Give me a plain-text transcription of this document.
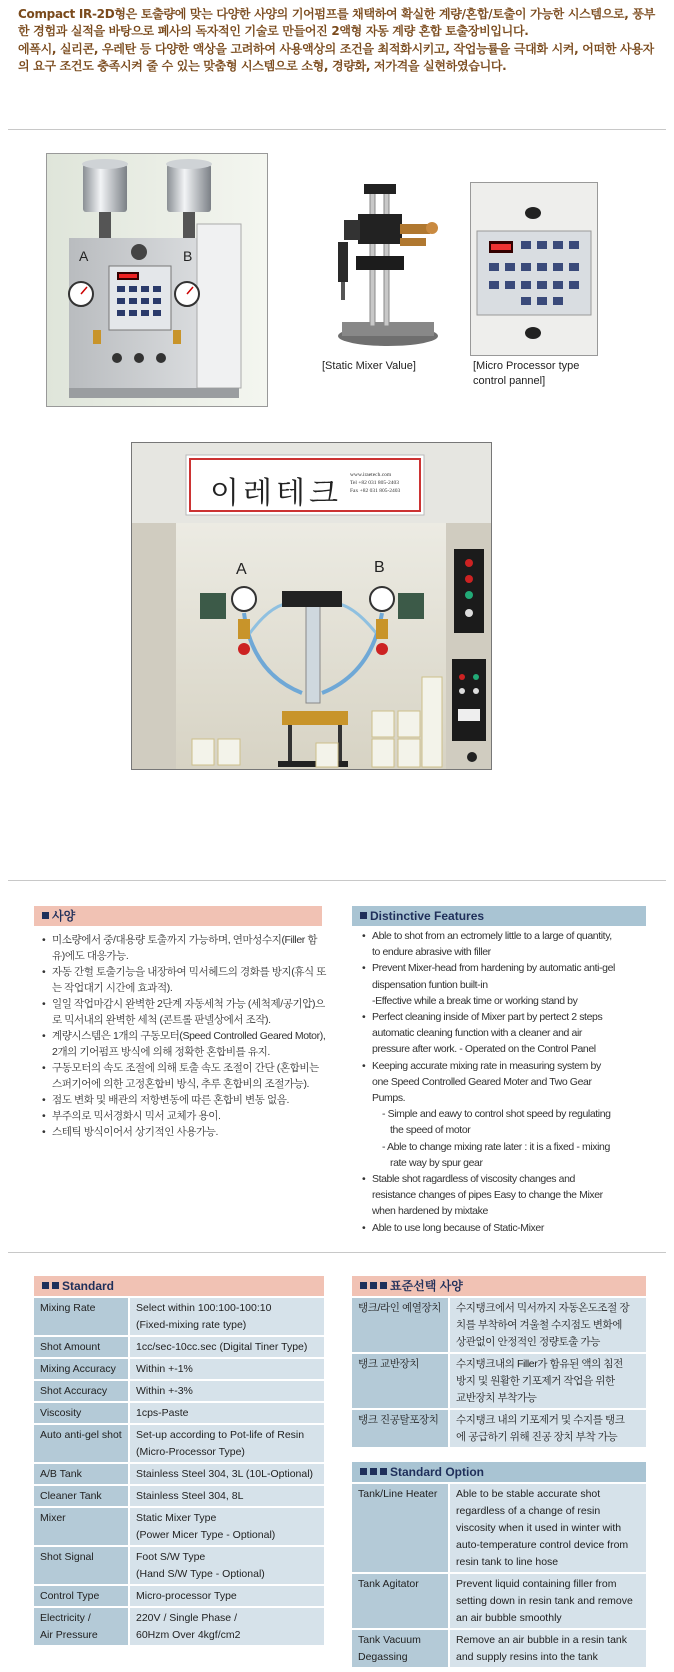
Compact IR-2D형은 토출량에 맞는 다양한 사양의 기어펌프를 채택하여 확실한 계량/혼합/토출이 가능한 시스템으로, 풍부한 경험과 실적을 바탕으로 폐사의 독자적인 기술로 만들어진 2액형 자동 계량 혼합 토출장비입니다.

에폭시, 실리콘, 우레탄 등 다양한 액상을 고려하여 사용액상의 조건을 최적화시키고, 작업능률을 극대화 시켜, 어떠한 사용자의 요구 조건도 충족시켜 줄 수 있는 맞춤형 시스템으로 소형, 경량화, 저가격을 실현하였습니다.

A	B
[Static Mixer Value]	[Micro Processor type
control pannel]
이레테크
www.iraetech.com
Tel +82 031 805-2403
Fax +82 031 805-2403
A	B
사양
• 미소량에서 중/대용량 토출까지 가능하며, 연마성수지(Filler 함유)에도 대응가능.
• 자동 간헐 토출기능을 내장하여 믹서헤드의 경화를 방지(휴식 또는 작업대기 시간에 효과적).
• 일일 작업마감시 완벽한 2단계 자동세척 가능 (세척제/공기압)으로 믹서내의 완벽한 세척 (콘트롤 판넬상에서 조작).
• 계량시스템은 1개의 구동모터(Speed Controlled Geared Motor), 2개의 기어펌프 방식에 의해 정확한 혼합비를 유지.
• 구동모터의 속도 조절에 의해 토출 속도 조절이 간단 (혼합비는 스퍼기어에 의한 고정혼합비 방식, 추루 혼합비의 조절가능).
• 점도 변화 및 배관의 저항변동에 따른 혼합비 변동 없음.
• 부주의로 믹서경화시 믹서 교체가 용이.
• 스테틱 방식이어서 상기적인 사용가능.
Distinctive Features
• Able to shot from an ectromely little to a large of quantity,
to endure abrasive with filler
• Prevent Mixer-head from hardening by automatic anti-gel
dispensation funtion built-in
-Effective while a break time or working stand by
• Perfect cleaning inside of Mixer part by pertect 2 steps
automatic cleaning function with a cleaner and air
pressure after work. - Operated on the Control Panel
• Keeping accurate mixing rate in measuring system by
one Speed Controlled Geared Moter and Two Gear
Pumps.
- Simple and eawy to control shot speed by regulating
the speed of motor
- Able to change mixing rate later : it is a fixed - mixing
rate way by spur gear
• Stable shot ragardless of viscosity changes and
resistance changes of pipes Easy to change the Mixer
when hardened by mixtake
• Able to use long because of Static-Mixer
Standard
Mixing Rate	Select within 100:100-100:10
(Fixed-mixing rate type)

Shot Amount	1cc/sec-10cc.sec (Digital Tiner Type)

Mixing Accuracy	Within +-1%

Shot Accuracy	Within +-3%

Viscosity	1cps-Paste

Auto anti-gel shot	Set-up according to Pot-life of Resin
(Micro-Processor Type)

A/B Tank	Stainless Steel 304, 3L (10L-Optional)

Cleaner Tank	Stainless Steel 304, 8L

Mixer	Static Mixer Type
(Power Micer Type - Optional)

Shot Signal	Foot S/W Type
(Hand S/W Type - Optional)

Control Type	Micro-processor Type

Electricity /
Air Pressure	220V / Single Phase /
60Hzm Over 4kgf/cm2
표준선택 사양
탱크/라인 예열장치	수지탱크에서 믹서까지 자동온도조절 장
치를 부착하여 겨울철 수지점도 변화에
상관없이 안정적인 정량토출 가능

탱크 교반장치	수지탱크내의 Filler가 함유된 액의 침전
방지 및 원활한 기포제거 작업을 위한
교반장치 부착가능

탱크 진공탈포장치	수지탱크 내의 기포제거 및 수지를 탱크
에 공급하기 위해 진공 장치 부착 가능
Standard Option
Tank/Line Heater	Able to be stable accurate shot
regardless of a change of resin
viscosity when it used in winter with
auto-temperature control device from
resin tank to line hose

Tank Agitator	Prevent liquid containing filler from
setting down in resin tank and remove
an air bubble smoothly

Tank Vacuum
Degassing	Remove an air bubble in a resin tank
and supply resins into the tank
